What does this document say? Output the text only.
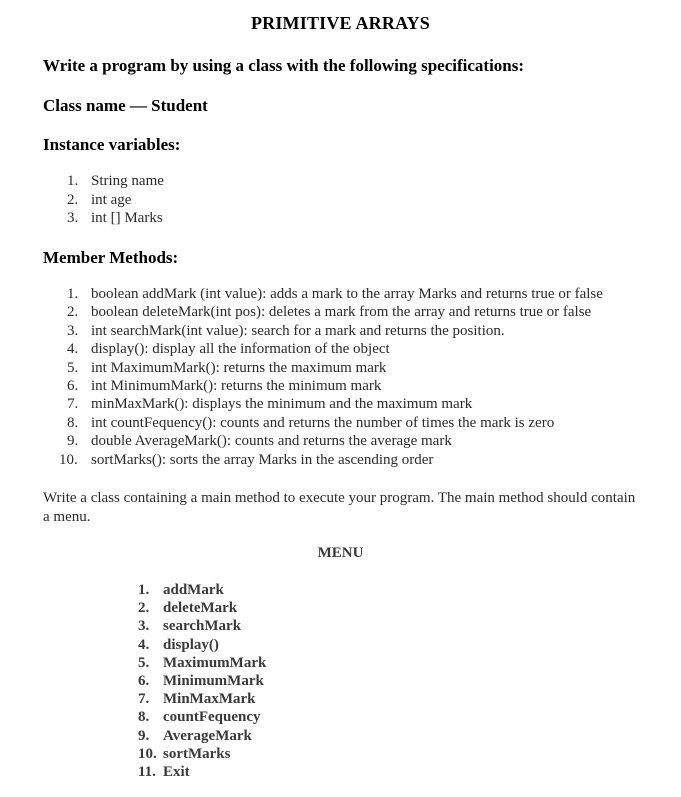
PRIMITIVE ARRAYS
Write a program by using a class with the following specifications:
Class name — Student
Instance variables:
1. String name
2. int age
3. int [] Marks
Member Methods:
1. boolean addMark (int value): adds a mark to the array Marks and returns true or false
2. boolean deleteMark(int pos): deletes a mark from the array and returns true or false
3. int searchMark(int value): search for a mark and returns the position.
4. display(): display all the information of the object
5. int MaximumMark(): returns the maximum mark
6. int MinimumMark(): returns the minimum mark
7. minMaxMark(): displays the minimum and the maximum mark
8. int countFequency(): counts and returns the number of times the mark is zero
9. double AverageMark(): counts and returns the average mark
10. sortMarks(): sorts the array Marks in the ascending order
Write a class containing a main method to execute your program. The main method should contain a menu.
MENU
1. addMark
2. deleteMark
3. searchMark
4. display()
5. MaximumMark
6. MinimumMark
7. MinMaxMark
8. countFequency
9. AverageMark
10. sortMarks
11. Exit
